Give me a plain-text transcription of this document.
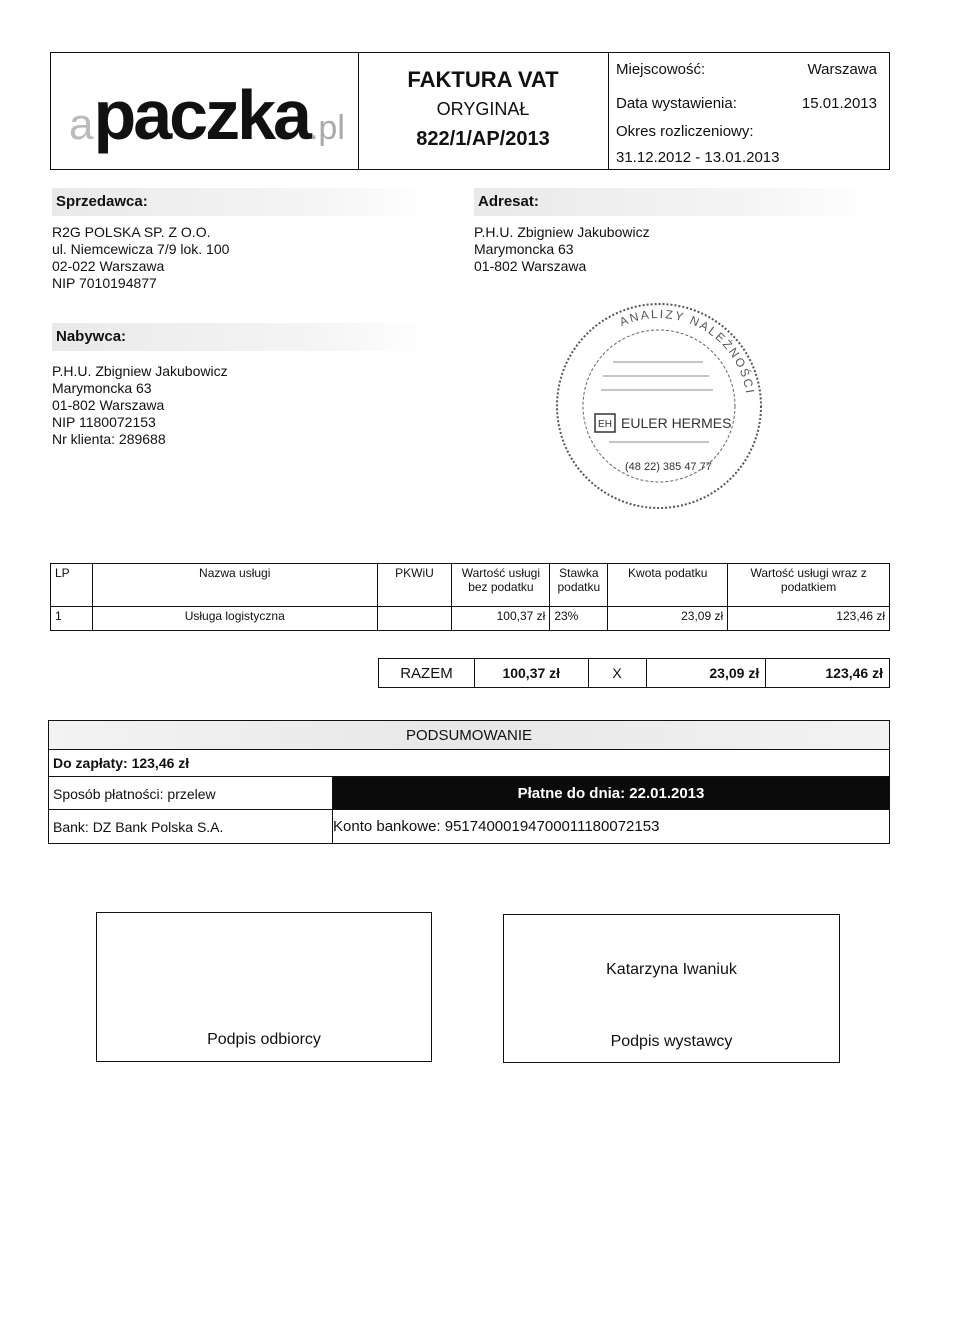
apaczka.pl
FAKTURA VAT
ORYGINAŁ
822/1/AP/2013
Miejscowość:	Warszawa
Data wystawienia:	15.01.2013
Okres rozliczeniowy:
31.12.2012 - 13.01.2013
Sprzedawca:
R2G POLSKA SP. Z O.O.
ul. Niemcewicza 7/9 lok. 100
02-022 Warszawa
NIP 7010194877
Adresat:
P.H.U. Zbigniew Jakubowicz
Marymoncka 63
01-802 Warszawa
Nabywca:
P.H.U. Zbigniew Jakubowicz
Marymoncka 63
01-802 Warszawa
NIP 1180072153
Nr klienta: 289688
ANALIZY NALEŻNOŚCI
EH EULER HERMES
(48 22) 385 47 77
LP	Nazwa usługi	PKWiU	Wartość usługi bez podatku	Stawka podatku	Kwota podatku	Wartość usługi wraz z podatkiem
1	Usługa logistyczna		100,37 zł	23%	23,09 zł	123,46 zł
RAZEM	100,37 zł	X	23,09 zł	123,46 zł
PODSUMOWANIE
Do zapłaty: 123,46 zł
Sposób płatności: przelew	Płatne do dnia: 22.01.2013
Bank: DZ Bank Polska S.A.	Konto bankowe: 95174000194700011180072153
Podpis odbiorcy
Katarzyna Iwaniuk
Podpis wystawcy
